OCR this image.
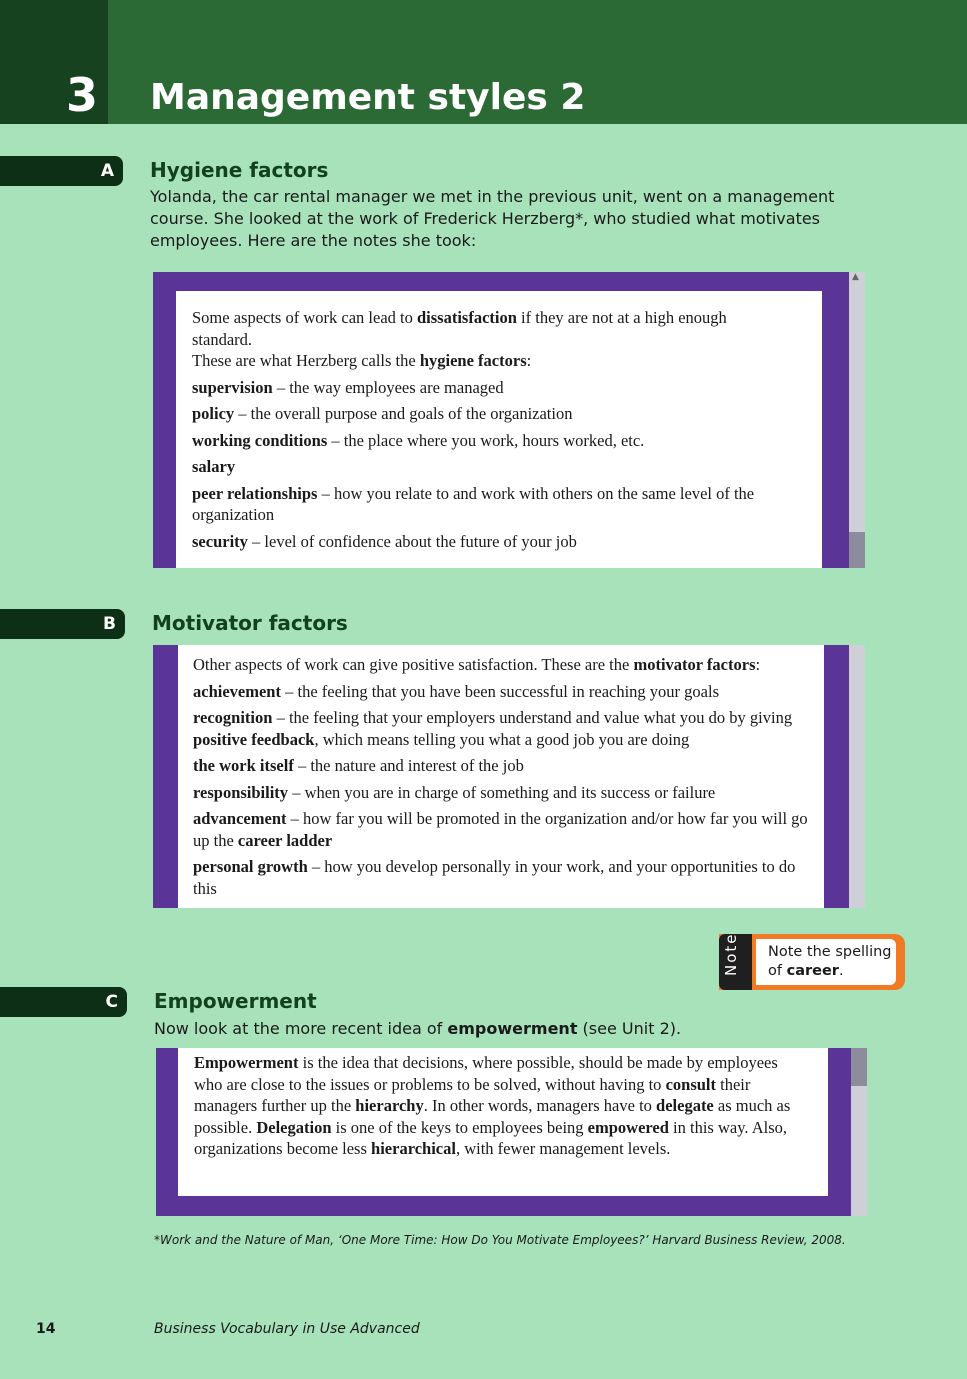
3 Management styles 2
A Hygiene factors
Yolanda, the car rental manager we met in the previous unit, went on a management course. She looked at the work of Frederick Herzberg*, who studied what motivates employees. Here are the notes she took:
▲

Some aspects of work can lead to dissatisfaction if they are not at a high enough standard.

These are what Herzberg calls the hygiene factors:

supervision – the way employees are managed

policy – the overall purpose and goals of the organization

working conditions – the place where you work, hours worked, etc.

salary

peer relationships – how you relate to and work with others on the same level of the organization

security – level of confidence about the future of your job

B Motivator factors

Other aspects of work can give positive satisfaction. These are the motivator factors:

achievement – the feeling that you have been successful in reaching your goals

recognition – the feeling that your employers understand and value what you do by giving positive feedback, which means telling you what a good job you are doing

the work itself – the nature and interest of the job

responsibility – when you are in charge of something and its success or failure

advancement – how far you will be promoted in the organization and/or how far you will go up the career ladder

personal growth – how you develop personally in your work, and your opportunities to do this

Note	Note the spelling of career.
C Empowerment
Now look at the more recent idea of empowerment (see Unit 2).

Empowerment is the idea that decisions, where possible, should be made by employees who are close to the issues or problems to be solved, without having to consult their managers further up the hierarchy. In other words, managers have to delegate as much as possible. Delegation is one of the keys to employees being empowered in this way. Also, organizations become less hierarchical, with fewer management levels.

*Work and the Nature of Man, ‘One More Time: How Do You Motivate Employees?’ Harvard Business Review, 2008.
14	Business Vocabulary in Use Advanced
